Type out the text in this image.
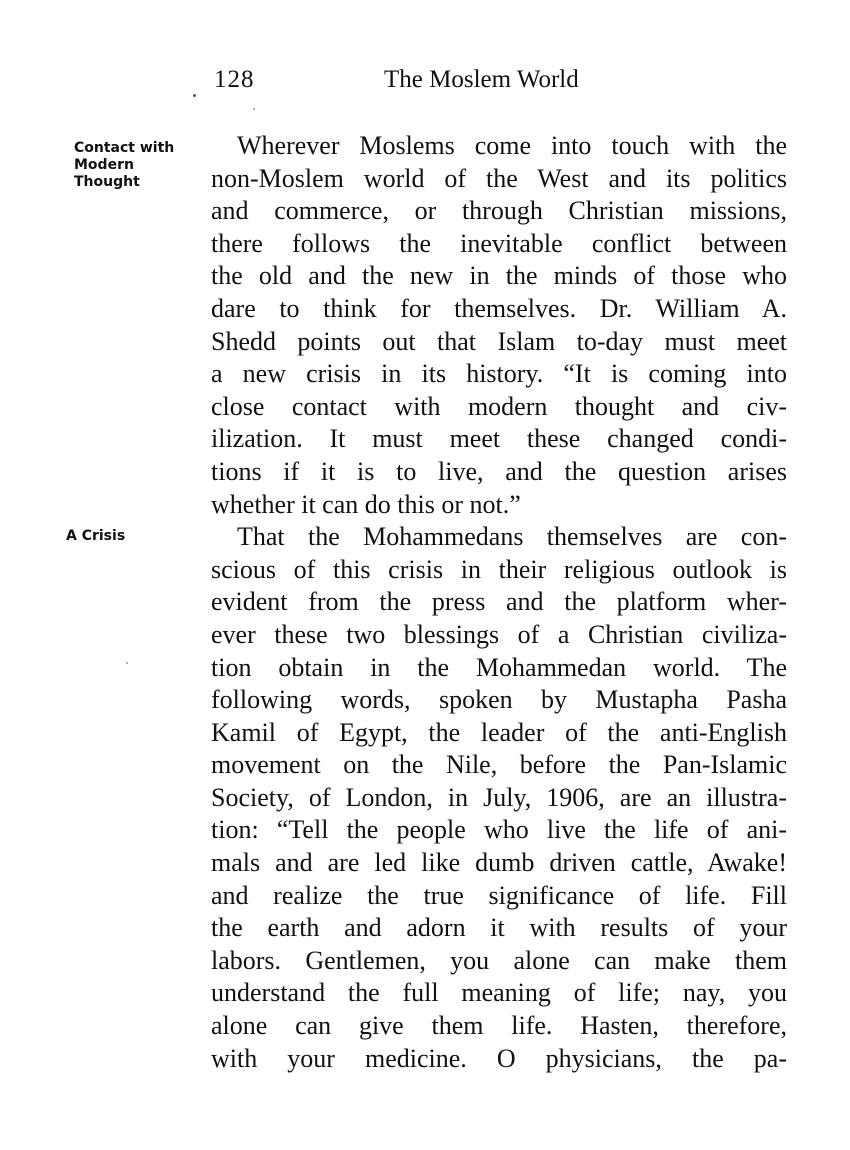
128	The Moslem World
Contact with
Modern
Thought
A Crisis
Wherever Moslems come into touch with the
non-Moslem world of the West and its politics
and commerce, or through Christian missions,
there follows the inevitable conflict between
the old and the new in the minds of those who
dare to think for themselves. Dr. William A.
Shedd points out that Islam to-day must meet
a new crisis in its history. “It is coming into
close contact with modern thought and civ-
ilization. It must meet these changed condi-
tions if it is to live, and the question arises
whether it can do this or not.”
That the Mohammedans themselves are con-
scious of this crisis in their religious outlook is
evident from the press and the platform wher-
ever these two blessings of a Christian civiliza-
tion obtain in the Mohammedan world. The
following words, spoken by Mustapha Pasha
Kamil of Egypt, the leader of the anti-English
movement on the Nile, before the Pan-Islamic
Society, of London, in July, 1906, are an illustra-
tion: “Tell the people who live the life of ani-
mals and are led like dumb driven cattle, Awake!
and realize the true significance of life. Fill
the earth and adorn it with results of your
labors. Gentlemen, you alone can make them
understand the full meaning of life; nay, you
alone can give them life. Hasten, therefore,
with your medicine. O physicians, the pa-
